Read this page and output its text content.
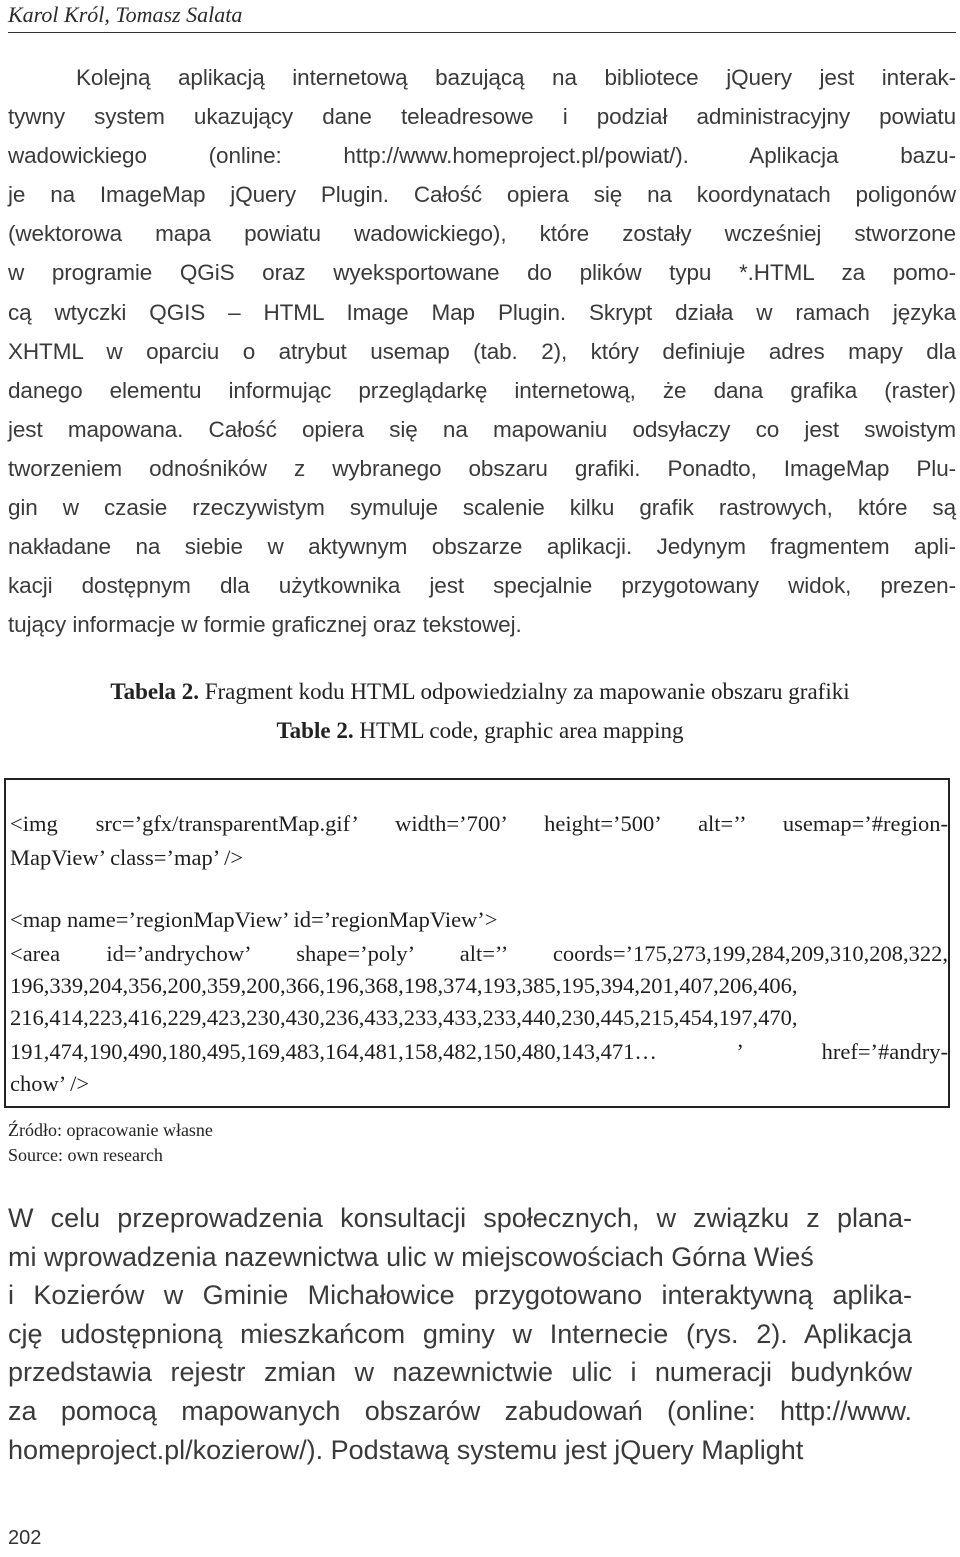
Karol Król, Tomasz Salata
Kolejną aplikacją internetową bazującą na bibliotece jQuery jest interak-
tywny system ukazujący dane teleadresowe i podział administracyjny powiatu
wadowickiego (online: http://www.homeproject.pl/powiat/). Aplikacja bazu-
je na ImageMap jQuery Plugin. Całość opiera się na koordynatach poligonów
(wektorowa mapa powiatu wadowickiego), które zostały wcześniej stworzone
w programie QGiS oraz wyeksportowane do plików typu *.HTML za pomo-
cą wtyczki QGIS – HTML Image Map Plugin. Skrypt działa w ramach języka
XHTML w oparciu o atrybut usemap (tab. 2), który definiuje adres mapy dla
danego elementu informując przeglądarkę internetową, że dana grafika (raster)
jest mapowana. Całość opiera się na mapowaniu odsyłaczy co jest swoistym
tworzeniem odnośników z wybranego obszaru grafiki. Ponadto, ImageMap Plu-
gin w czasie rzeczywistym symuluje scalenie kilku grafik rastrowych, które są
nakładane na siebie w aktywnym obszarze aplikacji. Jedynym fragmentem apli-
kacji dostępnym dla użytkownika jest specjalnie przygotowany widok, prezen-
tujący informacje w formie graficznej oraz tekstowej.
Tabela 2. Fragment kodu HTML odpowiedzialny za mapowanie obszaru grafiki
Table 2. HTML code, graphic area mapping
<img src=’gfx/transparentMap.gif’ width=’700’ height=’500’ alt=’’ usemap=’#region-
MapView’ class=’map’ />
<map name=’regionMapView’ id=’regionMapView’>
<area id=’andrychow’ shape=’poly’ alt=’’ coords=’175,273,199,284,209,310,208,322,
196,339,204,356,200,359,200,366,196,368,198,374,193,385,195,394,201,407,206,406,
216,414,223,416,229,423,230,430,236,433,233,433,233,440,230,445,215,454,197,470,
191,474,190,490,180,495,169,483,164,481,158,482,150,480,143,471… ’ href=’#andry-
chow’ />
Źródło: opracowanie własne
Source: own research
W celu przeprowadzenia konsultacji społecznych, w związku z plana-
mi wprowadzenia nazewnictwa ulic w miejscowościach Górna Wieś
i Kozierów w Gminie Michałowice przygotowano interaktywną aplika-
cję udostępnioną mieszkańcom gminy w Internecie (rys. 2). Aplikacja
przedstawia rejestr zmian w nazewnictwie ulic i numeracji budynków
za pomocą mapowanych obszarów zabudowań (online: http://www.
homeproject.pl/kozierow/). Podstawą systemu jest jQuery Maplight
202
